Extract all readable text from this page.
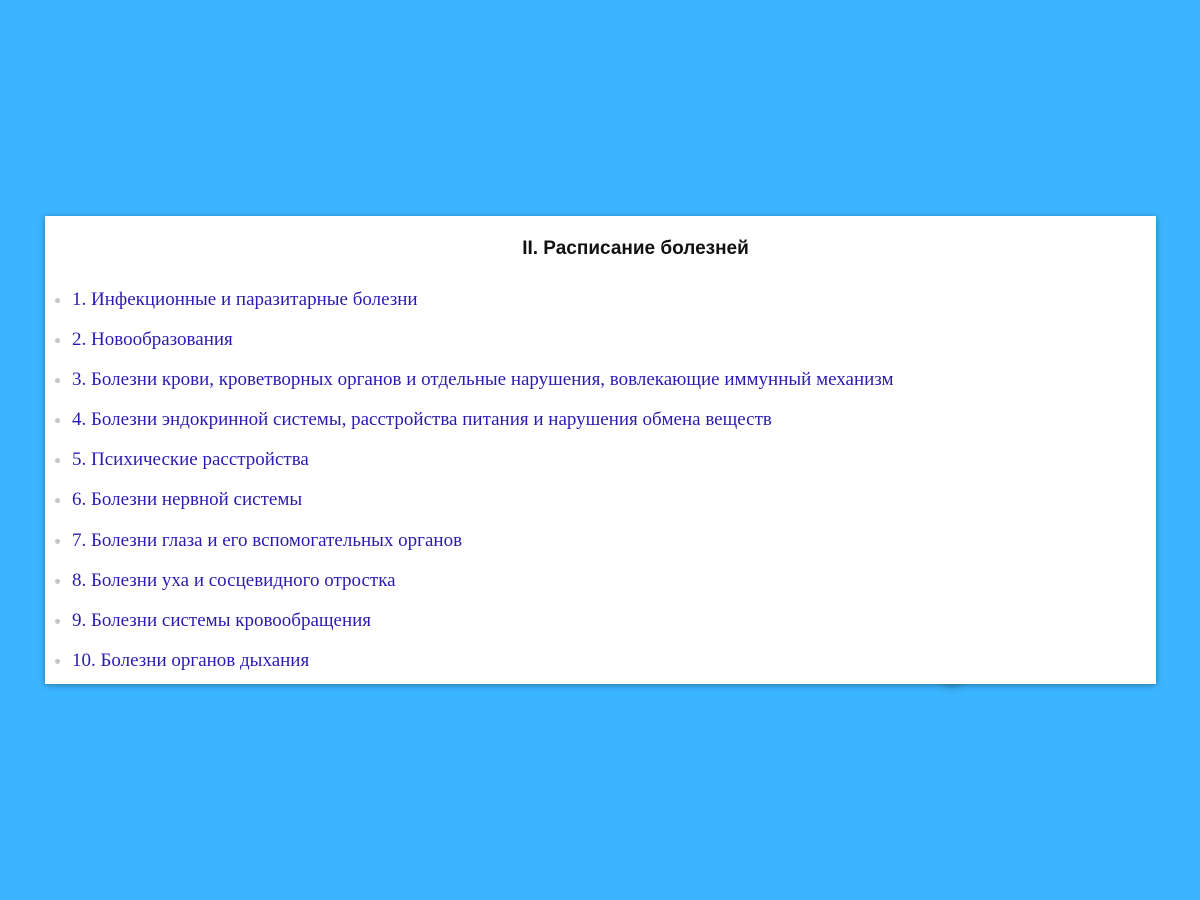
II. Расписание болезней
1. Инфекционные и паразитарные болезни
2. Новообразования
3. Болезни крови, кроветворных органов и отдельные нарушения, вовлекающие иммунный механизм
4. Болезни эндокринной системы, расстройства питания и нарушения обмена веществ
5. Психические расстройства
6. Болезни нервной системы
7. Болезни глаза и его вспомогательных органов
8. Болезни уха и сосцевидного отростка
9. Болезни системы кровообращения
10. Болезни органов дыхания
